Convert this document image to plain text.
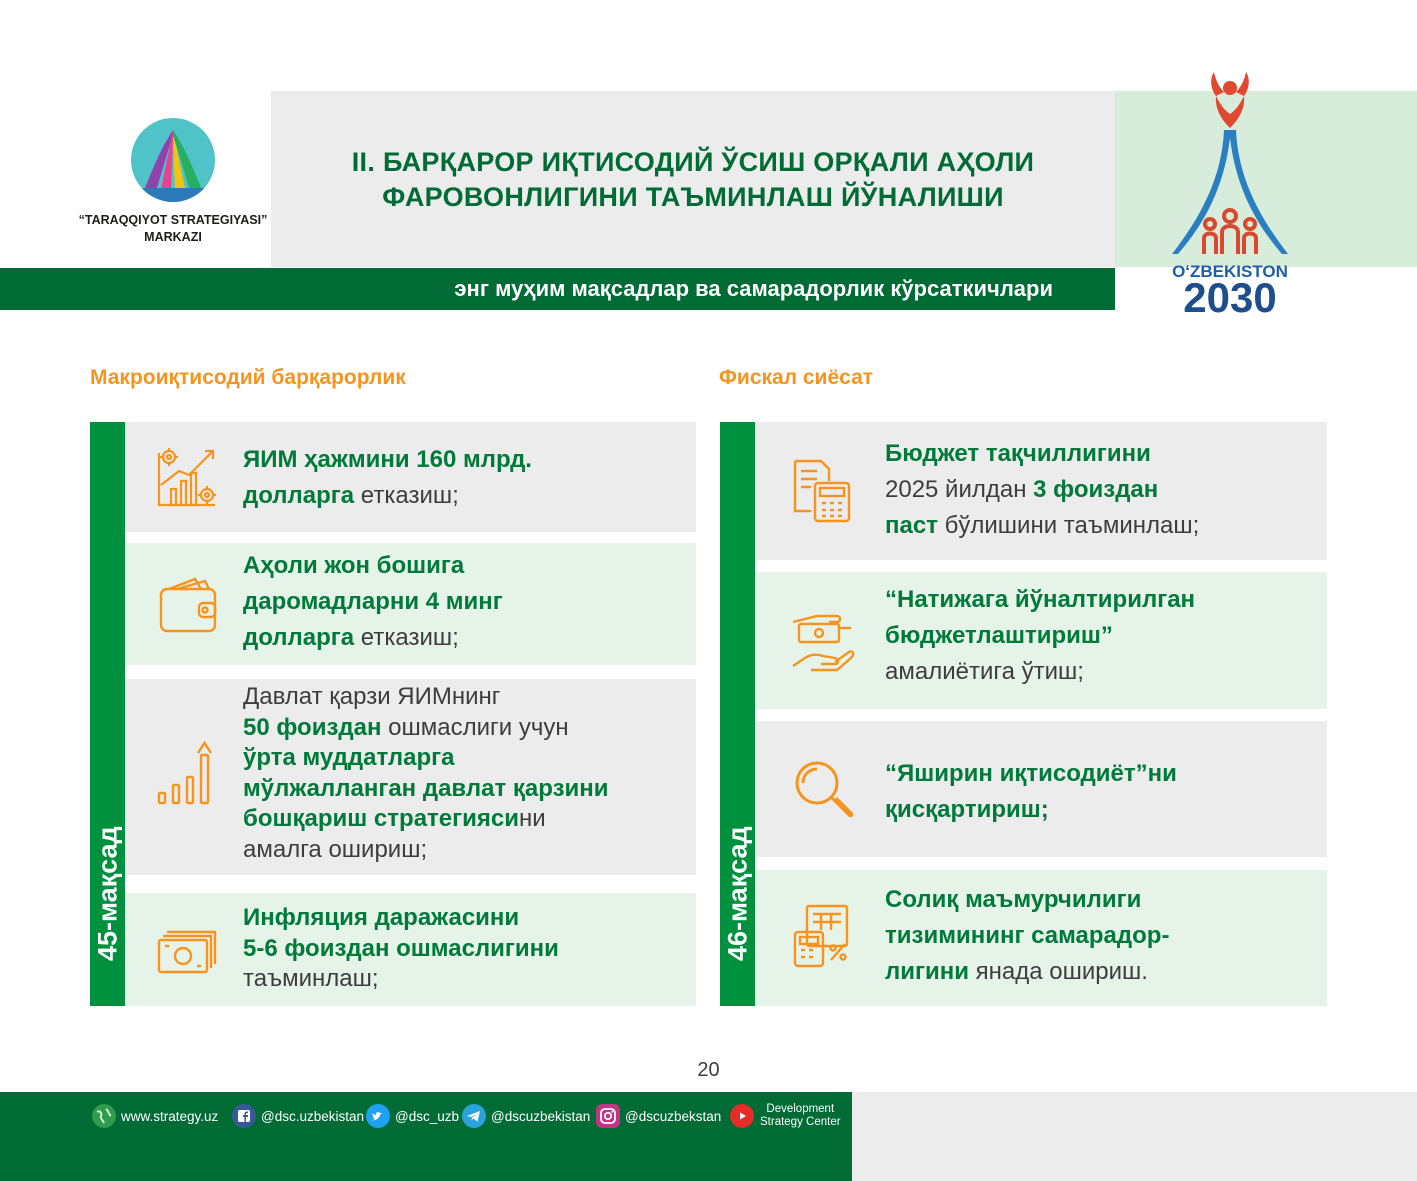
“TARAQQIYOT STRATEGIYASI”
MARKAZI
II. БАРҚАРОР ИҚТИСОДИЙ ЎСИШ ОРҚАЛИ АҲОЛИ
ФАРОВОНЛИГИНИ ТАЪМИНЛАШ ЙЎНАЛИШИ
энг муҳим мақсадлар ва самарадорлик кўрсаткичлари
OʻZBEKISTON
2030
Макроиқтисодий барқарорлик
45-мақсад
ЯИМ ҳажмини 160 млрд.
долларга етказиш;
Аҳоли жон бошига
даромадларни 4 минг
долларга етказиш;
Давлат қарзи ЯИМнинг
50 фоиздан ошмаслиги учун
ўрта муддатларга
мўлжалланган давлат қарзини
бошқариш стратегиясини
амалга ошириш;
Инфляция даражасини
5-6 фоиздан ошмаслигини
таъминлаш;
Фискал сиёсат
46-мақсад
Бюджет тақчиллигини
2025 йилдан 3 фоиздан
паст бўлишини таъминлаш;
“Натижага йўналтирилган
бюджетлаштириш”
амалиётига ўтиш;
“Яширин иқтисодиёт”ни
қисқартириш;
Солиқ маъмурчилиги
тизимининг самарадор-
лигини янада ошириш.
20
www.strategy.uz	@dsc.uzbekistan @dsc_uzb @dscuzbekistan	@dscuzbekstan	Development
Strategy Center
